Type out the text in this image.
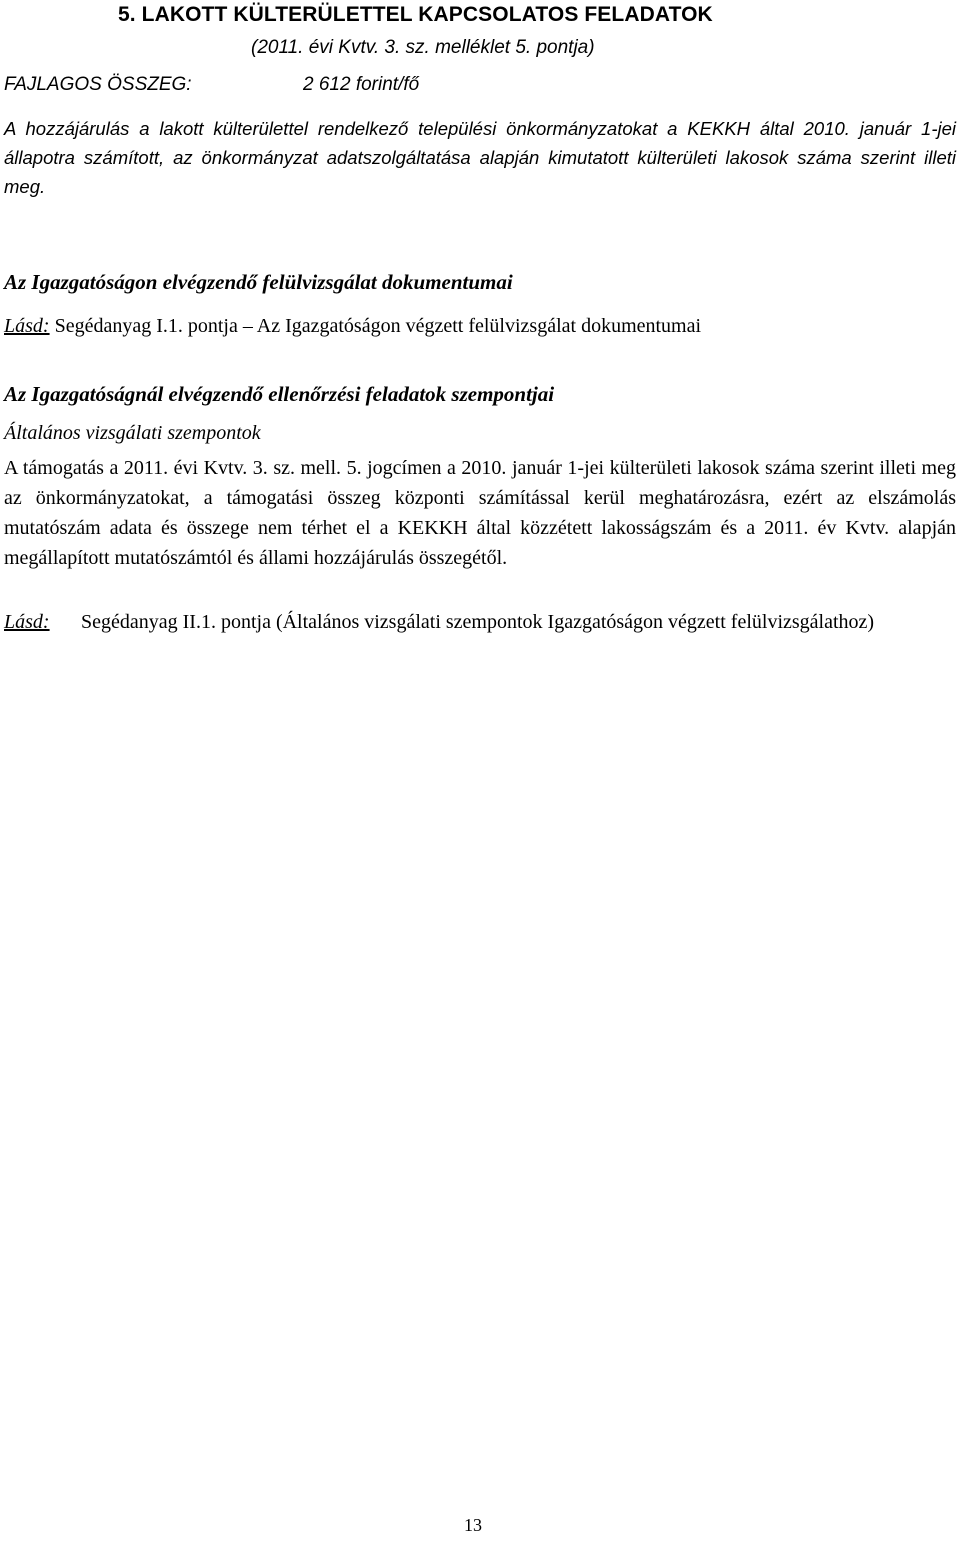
5. LAKOTT KÜLTERÜLETTEL KAPCSOLATOS FELADATOK
(2011. évi Kvtv. 3. sz. melléklet 5. pontja)
FAJLAGOS ÖSSZEG:	2 612 forint/fő

A hozzájárulás a lakott külterülettel rendelkező települési önkormányzatokat a KEKKH által 2010. január 1-jei állapotra számított, az önkormányzat adatszolgáltatása alapján kimutatott külterületi lakosok száma szerint illeti meg.

Az Igazgatóságon elvégzendő felülvizsgálat dokumentumai
Lásd: Segédanyag I.1. pontja – Az Igazgatóságon végzett felülvizsgálat dokumentumai
Az Igazgatóságnál elvégzendő ellenőrzési feladatok szempontjai
Általános vizsgálati szempontok

A támogatás a 2011. évi Kvtv. 3. sz. mell. 5. jogcímen a 2010. január 1-jei külterületi lakosok száma szerint illeti meg az önkormányzatokat, a támogatási összeg központi számítással kerül meghatározásra, ezért az elszámolás mutatószám adata és összege nem térhet el a KEKKH által közzétett lakosságszám és a 2011. év Kvtv. alapján megállapított mutatószámtól és állami hozzájárulás összegétől.

Lásd: Segédanyag II.1. pontja (Általános vizsgálati szempontok Igazgatóságon végzett felülvizsgálathoz)
13
